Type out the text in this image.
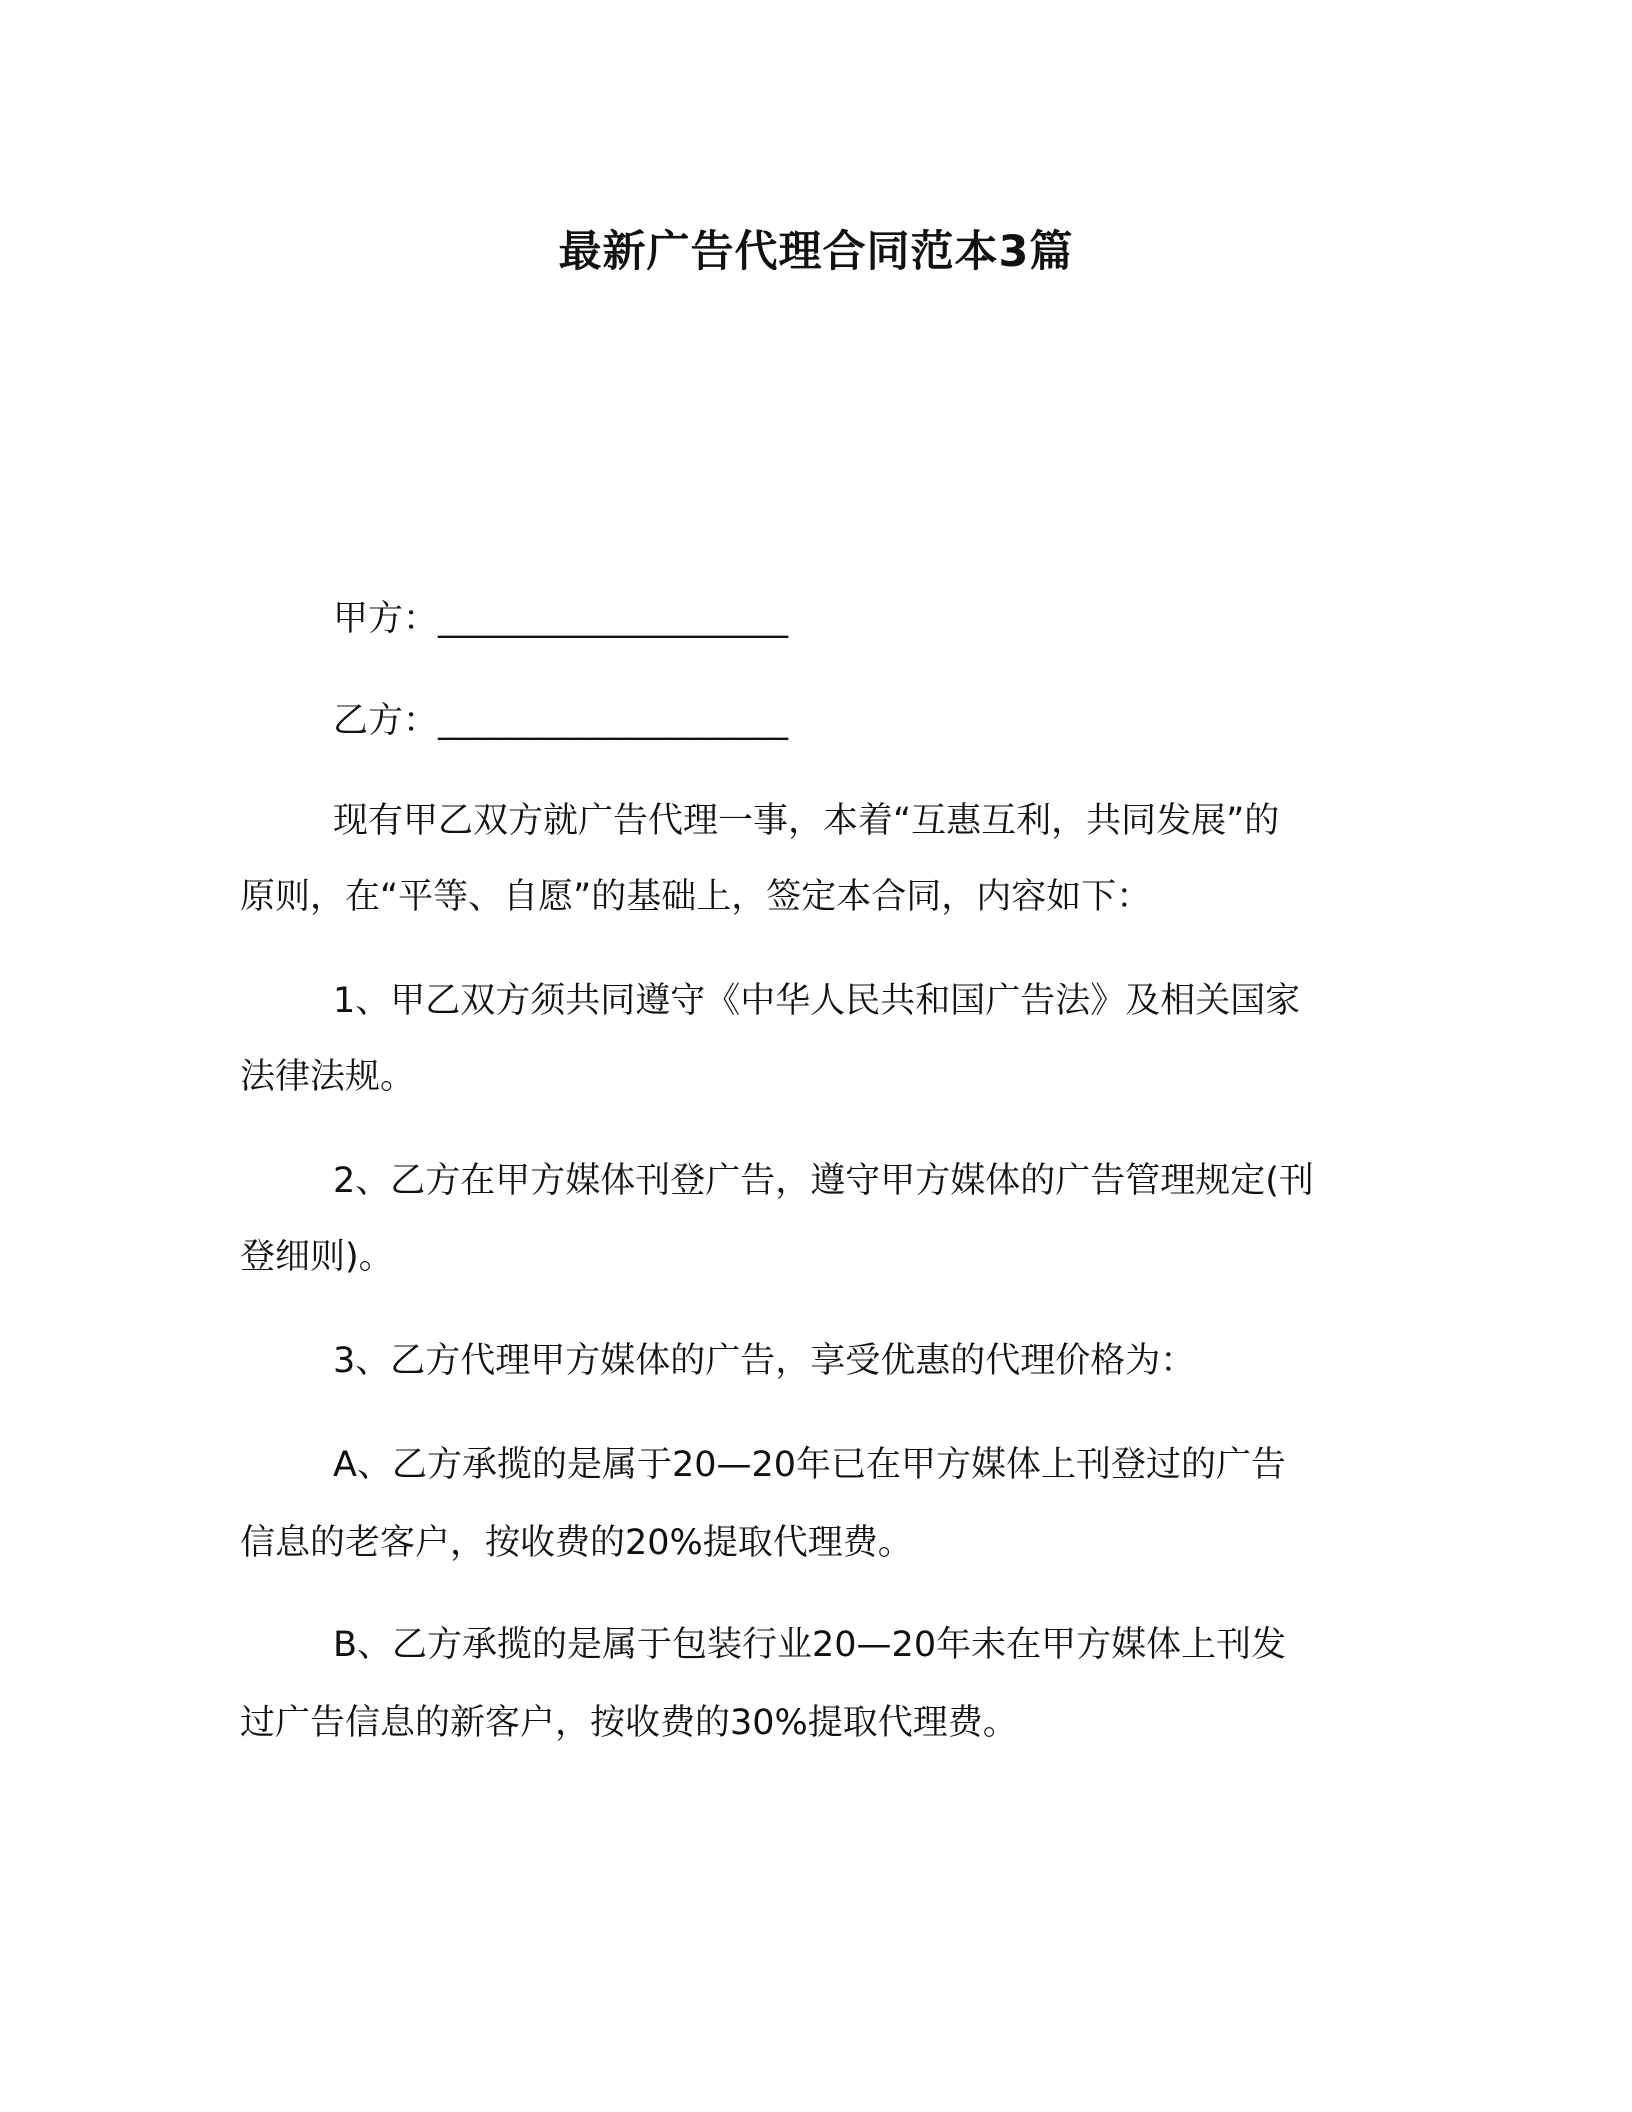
最新广告代理合同范本3篇
甲方：____________________
乙方：____________________
现有甲乙双方就广告代理一事，本着“互惠互利，共同发展”的
原则，在“平等、自愿”的基础上，签定本合同，内容如下：
1、甲乙双方须共同遵守《中华人民共和国广告法》及相关国家
法律法规。
2、乙方在甲方媒体刊登广告，遵守甲方媒体的广告管理规定(刊
登细则)。
3、乙方代理甲方媒体的广告，享受优惠的代理价格为：
A、乙方承揽的是属于20—20年已在甲方媒体上刊登过的广告
信息的老客户，按收费的20%提取代理费。
B、乙方承揽的是属于包装行业20—20年未在甲方媒体上刊发
过广告信息的新客户，按收费的30%提取代理费。
